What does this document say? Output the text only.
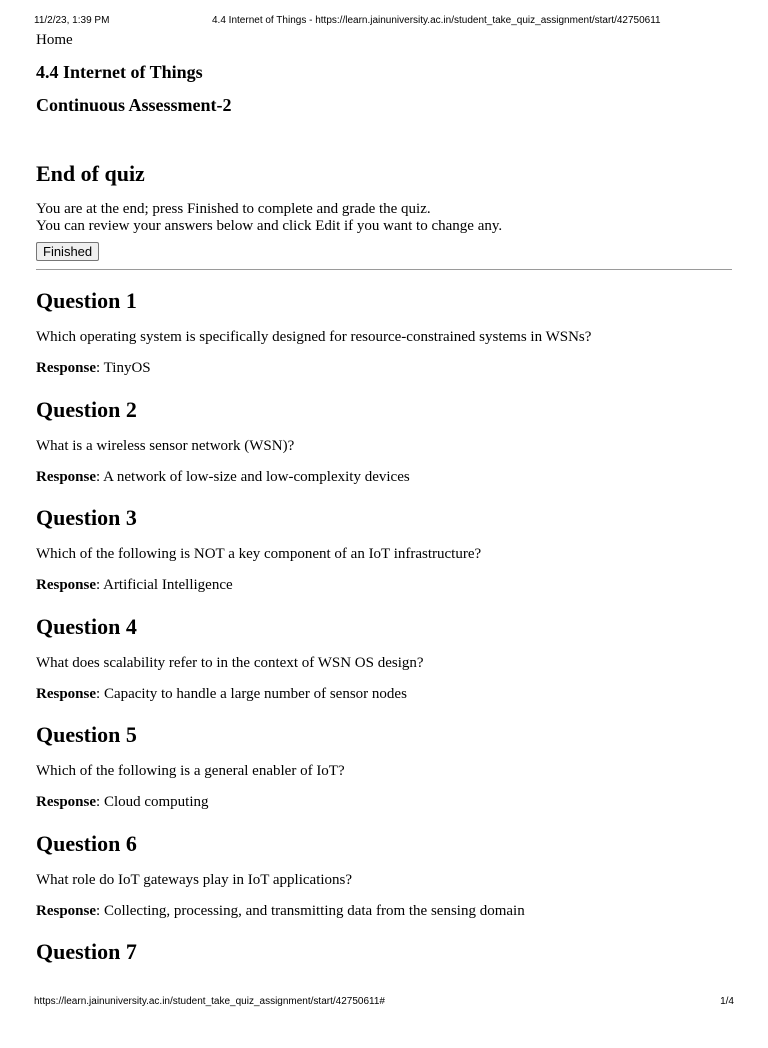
11/2/23, 1:39 PM	4.4 Internet of Things - https://learn.jainuniversity.ac.in/student_take_quiz_assignment/start/42750611
Home
4.4 Internet of Things
Continuous Assessment-2
End of quiz

You are at the end; press Finished to complete and grade the quiz.
You can review your answers below and click Edit if you want to change any.

Finished
Question 1

Which operating system is specifically designed for resource-constrained systems in WSNs?

Response: TinyOS

Question 2

What is a wireless sensor network (WSN)?

Response: A network of low-size and low-complexity devices

Question 3

Which of the following is NOT a key component of an IoT infrastructure?

Response: Artificial Intelligence

Question 4

What does scalability refer to in the context of WSN OS design?

Response: Capacity to handle a large number of sensor nodes

Question 5

Which of the following is a general enabler of IoT?

Response: Cloud computing

Question 6

What role do IoT gateways play in IoT applications?

Response: Collecting, processing, and transmitting data from the sensing domain

Question 7
https://learn.jainuniversity.ac.in/student_take_quiz_assignment/start/42750611#	1/4
